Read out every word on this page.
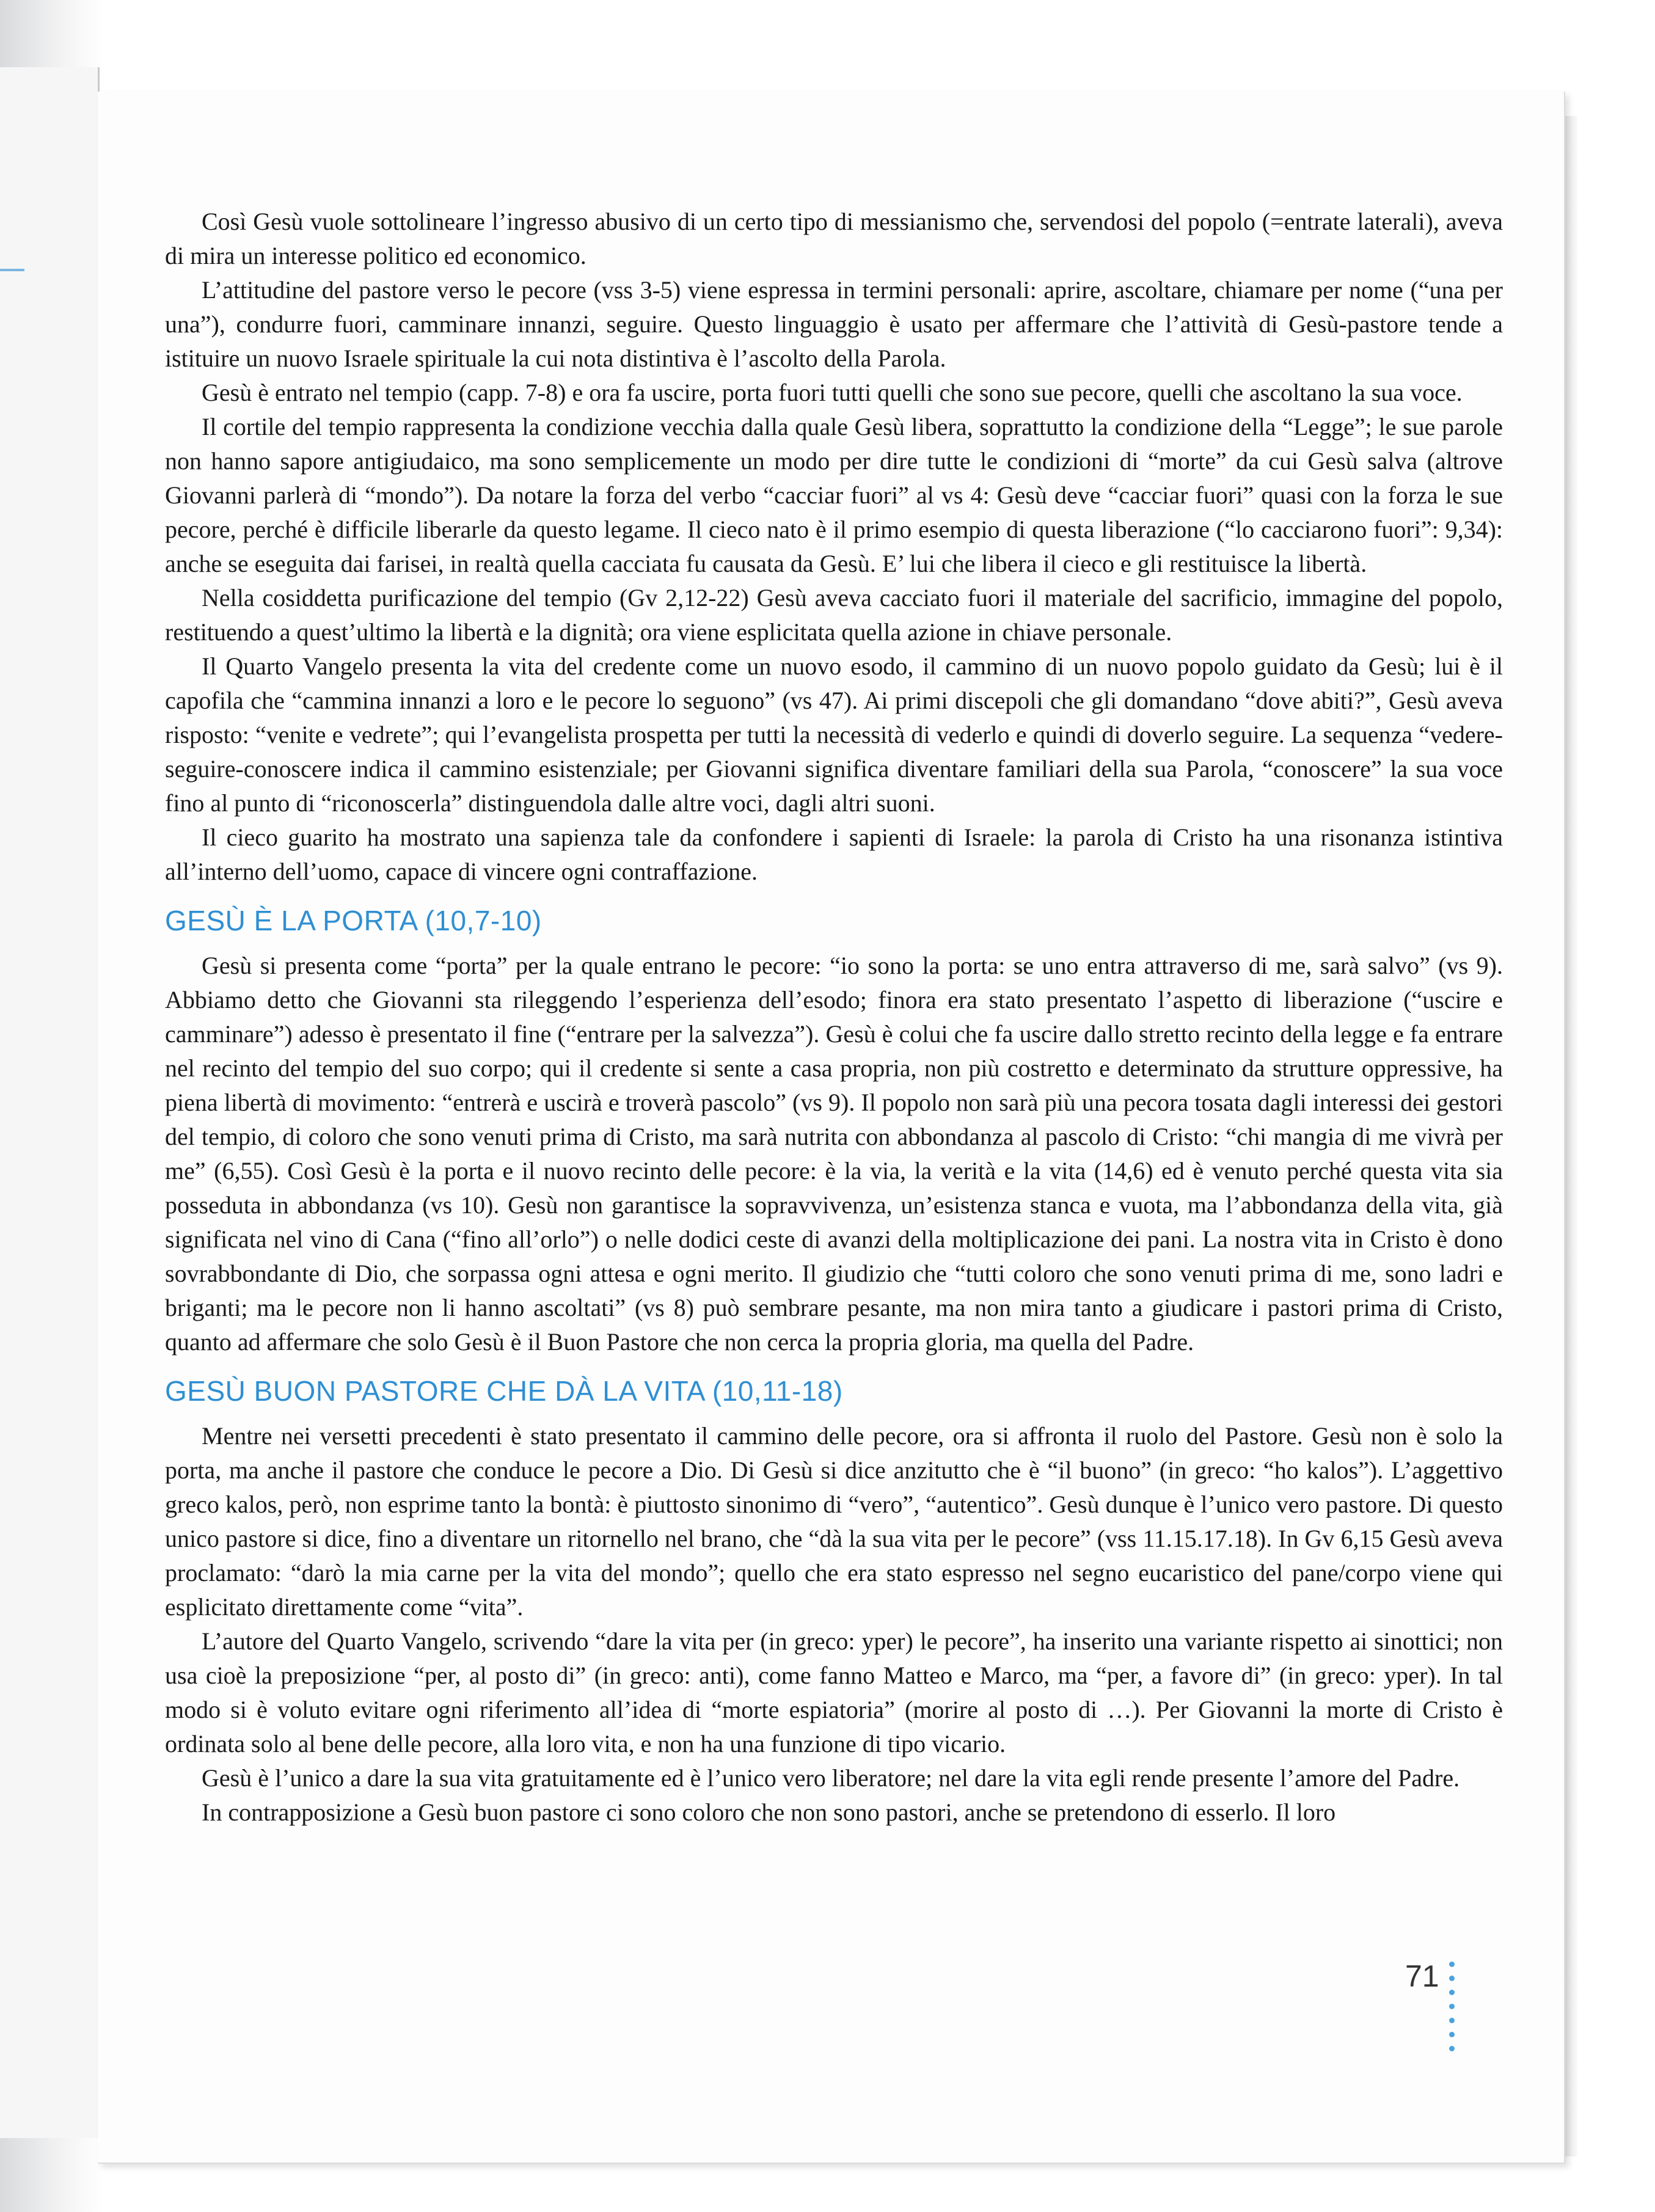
Così Gesù vuole sottolineare l’ingresso abusivo di un certo tipo di messianismo che, servendosi del popolo (=entrate laterali), aveva di mira un interesse politico ed economico.

L’attitudine del pastore verso le pecore (vss 3-5) viene espressa in termini personali: aprire, ascoltare, chiamare per nome (“una per una”), condurre fuori, camminare innanzi, seguire. Questo linguaggio è usato per affermare che l’attività di Gesù-pastore tende a istituire un nuovo Israele spirituale la cui nota distintiva è l’ascolto della Parola.

Gesù è entrato nel tempio (capp. 7-8) e ora fa uscire, porta fuori tutti quelli che sono sue pecore, quelli che ascoltano la sua voce.

Il cortile del tempio rappresenta la condizione vecchia dalla quale Gesù libera, soprattutto la condizione della “Legge”; le sue parole non hanno sapore antigiudaico, ma sono semplicemente un modo per dire tutte le condizioni di “morte” da cui Gesù salva (altrove Giovanni parlerà di “mondo”). Da notare la forza del verbo “cacciar fuori” al vs 4: Gesù deve “cacciar fuori” quasi con la forza le sue pecore, perché è difficile liberarle da questo legame. Il cieco nato è il primo esempio di questa liberazione (“lo cacciarono fuori”: 9,34): anche se eseguita dai farisei, in realtà quella cacciata fu causata da Gesù. E’ lui che libera il cieco e gli restituisce la libertà.

Nella cosiddetta purificazione del tempio (Gv 2,12-22) Gesù aveva cacciato fuori il materiale del sacrificio, immagine del popolo, restituendo a quest’ultimo la libertà e la dignità; ora viene esplicitata quella azione in chiave personale.

Il Quarto Vangelo presenta la vita del credente come un nuovo esodo, il cammino di un nuovo popolo guidato da Gesù; lui è il capofila che “cammina innanzi a loro e le pecore lo seguono” (vs 47). Ai primi discepoli che gli domandano “dove abiti?”, Gesù aveva risposto: “venite e vedrete”; qui l’evangelista prospetta per tutti la necessità di vederlo e quindi di doverlo seguire. La sequenza “vedere-seguire-conoscere indica il cammino esistenziale; per Giovanni significa diventare familiari della sua Parola, “conoscere” la sua voce fino al punto di “riconoscerla” distinguendola dalle altre voci, dagli altri suoni.

Il cieco guarito ha mostrato una sapienza tale da confondere i sapienti di Israele: la parola di Cristo ha una risonanza istintiva all’interno dell’uomo, capace di vincere ogni contraffazione.

GESÙ È LA PORTA (10,7-10)

Gesù si presenta come “porta” per la quale entrano le pecore: “io sono la porta: se uno entra attraverso di me, sarà salvo” (vs 9). Abbiamo detto che Giovanni sta rileggendo l’esperienza dell’esodo; finora era stato presentato l’aspetto di liberazione (“uscire e camminare”) adesso è presentato il fine (“entrare per la salvezza”). Gesù è colui che fa uscire dallo stretto recinto della legge e fa entrare nel recinto del tempio del suo corpo; qui il credente si sente a casa propria, non più costretto e determinato da strutture oppressive, ha piena libertà di movimento: “entrerà e uscirà e troverà pascolo” (vs 9). Il popolo non sarà più una pecora tosata dagli interessi dei gestori del tempio, di coloro che sono venuti prima di Cristo, ma sarà nutrita con abbondanza al pascolo di Cristo: “chi mangia di me vivrà per me” (6,55). Così Gesù è la porta e il nuovo recinto delle pecore: è la via, la verità e la vita (14,6) ed è venuto perché questa vita sia posseduta in abbondanza (vs 10). Gesù non garantisce la sopravvivenza, un’esistenza stanca e vuota, ma l’abbondanza della vita, già significata nel vino di Cana (“fino all’orlo”) o nelle dodici ceste di avanzi della moltiplicazione dei pani. La nostra vita in Cristo è dono sovrabbondante di Dio, che sorpassa ogni attesa e ogni merito. Il giudizio che “tutti coloro che sono venuti prima di me, sono ladri e briganti; ma le pecore non li hanno ascoltati” (vs 8) può sembrare pesante, ma non mira tanto a giudicare i pastori prima di Cristo, quanto ad affermare che solo Gesù è il Buon Pastore che non cerca la propria gloria, ma quella del Padre.

GESÙ BUON PASTORE CHE DÀ LA VITA (10,11-18)

Mentre nei versetti precedenti è stato presentato il cammino delle pecore, ora si affronta il ruolo del Pastore. Gesù non è solo la porta, ma anche il pastore che conduce le pecore a Dio. Di Gesù si dice anzitutto che è “il buono” (in greco: “ho kalos”). L’aggettivo greco kalos, però, non esprime tanto la bontà: è piuttosto sinonimo di “vero”, “autentico”. Gesù dunque è l’unico vero pastore. Di questo unico pastore si dice, fino a diventare un ritornello nel brano, che “dà la sua vita per le pecore” (vss 11.15.17.18). In Gv 6,15 Gesù aveva proclamato: “darò la mia carne per la vita del mondo”; quello che era stato espresso nel segno eucaristico del pane/corpo viene qui esplicitato direttamente come “vita”.

L’autore del Quarto Vangelo, scrivendo “dare la vita per (in greco: yper) le pecore”, ha inserito una variante rispetto ai sinottici; non usa cioè la preposizione “per, al posto di” (in greco: anti), come fanno Matteo e Marco, ma “per, a favore di” (in greco: yper). In tal modo si è voluto evitare ogni riferimento all’idea di “morte espiatoria” (morire al posto di …). Per Giovanni la morte di Cristo è ordinata solo al bene delle pecore, alla loro vita, e non ha una funzione di tipo vicario.

Gesù è l’unico a dare la sua vita gratuitamente ed è l’unico vero liberatore; nel dare la vita egli rende presente l’amore del Padre.

In contrapposizione a Gesù buon pastore ci sono coloro che non sono pastori, anche se pretendono di esserlo. Il loro

71
